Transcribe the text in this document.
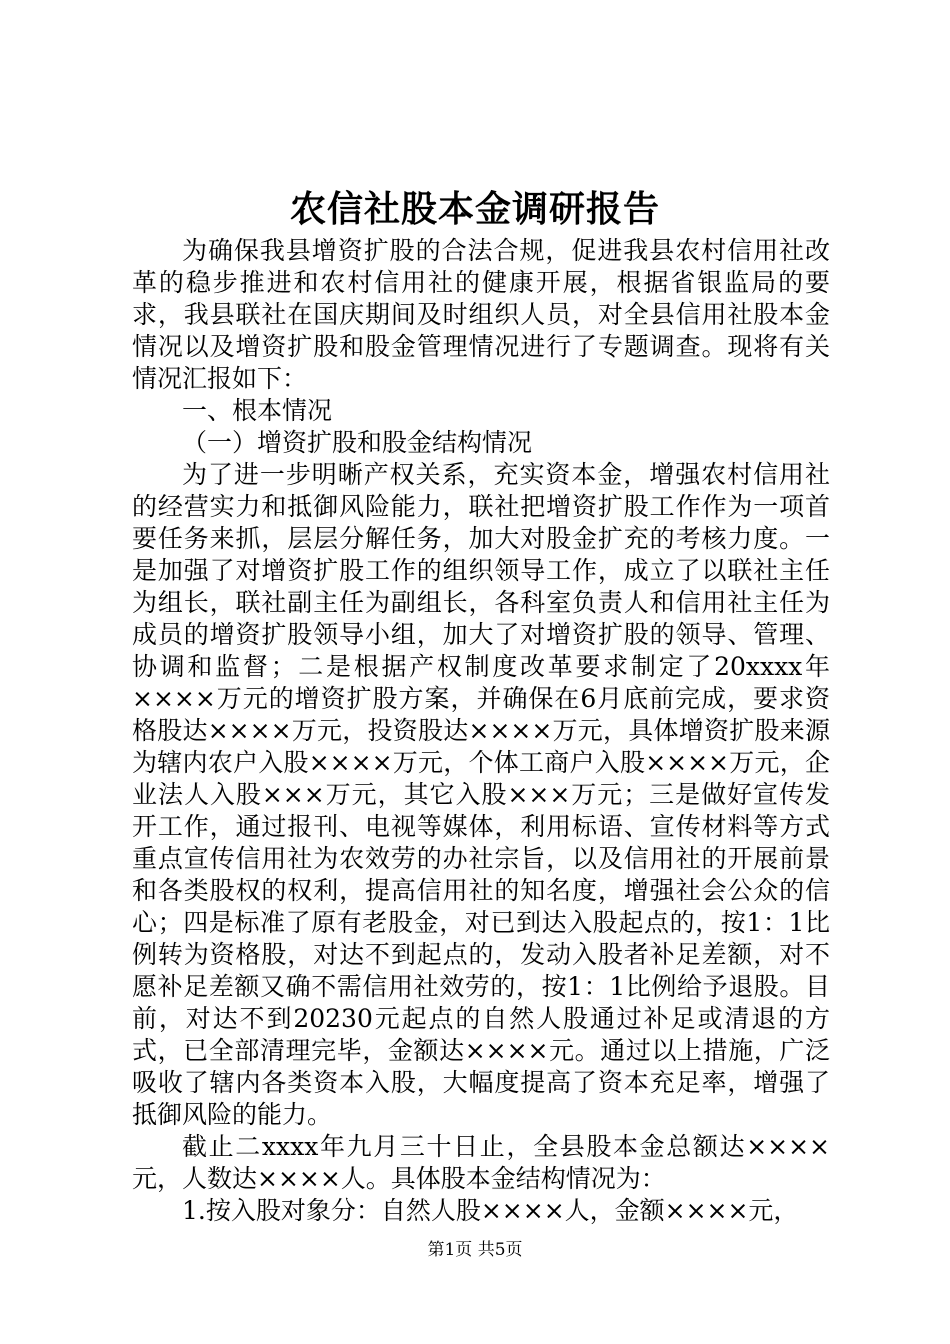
农信社股本金调研报告

为确保我县增资扩股的合法合规，促进我县农村信用社改革的稳步推进和农村信用社的健康开展，根据省银监局的要求，我县联社在国庆期间及时组织人员，对全县信用社股本金情况以及增资扩股和股金管理情况进行了专题调查。现将有关情况汇报如下：

一、根本情况

（一）增资扩股和股金结构情况

为了进一步明晰产权关系，充实资本金，增强农村信用社的经营实力和抵御风险能力，联社把增资扩股工作作为一项首要任务来抓，层层分解任务，加大对股金扩充的考核力度。一是加强了对增资扩股工作的组织领导工作，成立了以联社主任为组长，联社副主任为副组长，各科室负责人和信用社主任为成员的增资扩股领导小组，加大了对增资扩股的领导、管理、协调和监督；二是根据产权制度改革要求制定了20xxxx年××××万元的增资扩股方案，并确保在6月底前完成，要求资格股达××××万元，投资股达××××万元，具体增资扩股来源为辖内农户入股××××万元，个体工商户入股××××万元，企业法人入股×××万元，其它入股×××万元；三是做好宣传发开工作，通过报刊、电视等媒体，利用标语、宣传材料等方式重点宣传信用社为农效劳的办社宗旨，以及信用社的开展前景和各类股权的权利，提高信用社的知名度，增强社会公众的信心；四是标准了原有老股金，对已到达入股起点的，按1：1比例转为资格股，对达不到起点的，发动入股者补足差额，对不愿补足差额又确不需信用社效劳的，按1：1比例给予退股。目前，对达不到20230元起点的自然人股通过补足或清退的方式，已全部清理完毕，金额达××××元。通过以上措施，广泛吸收了辖内各类资本入股，大幅度提高了资本充足率，增强了抵御风险的能力。

截止二xxxx年九月三十日止，全县股本金总额达××××元，人数达××××人。具体股本金结构情况为：

1.按入股对象分：自然人股××××人，金额××××元，

第1页 共5页
